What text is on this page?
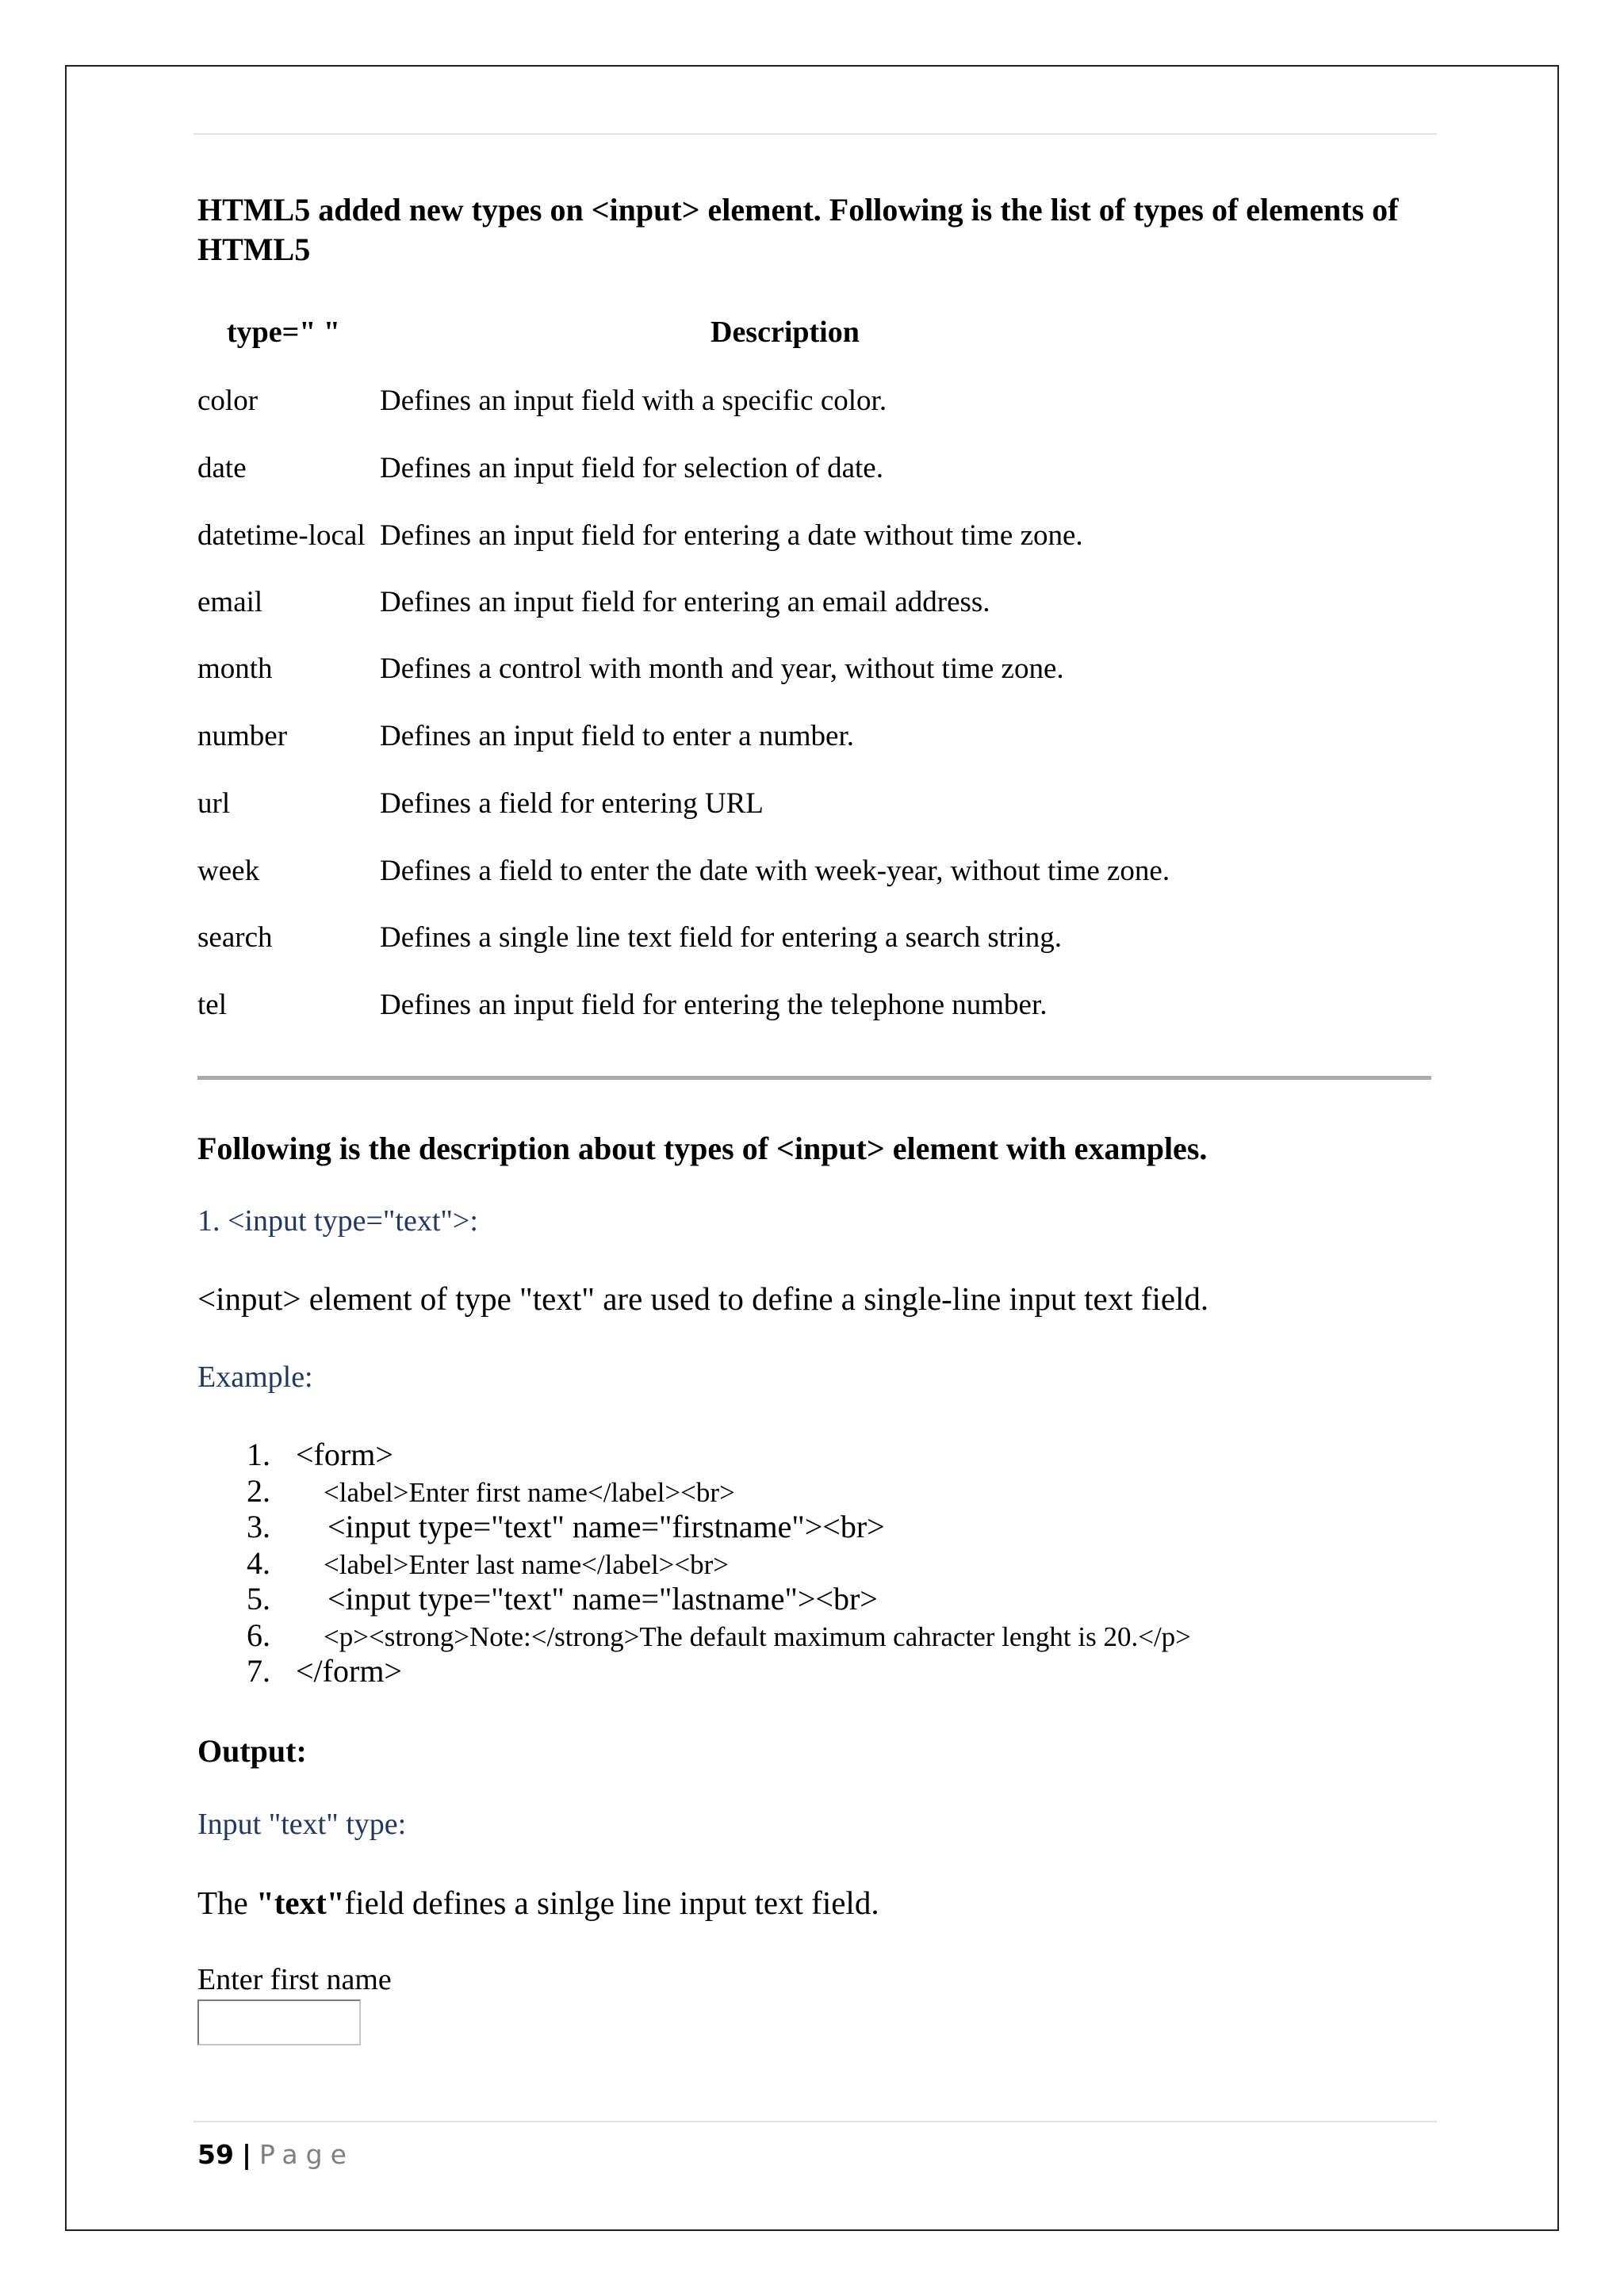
HTML5 added new types on <input> element. Following is the list of types of elements of HTML5
type=" "	Description
color	Defines an input field with a specific color.
date	Defines an input field for selection of date.
datetime-local Defines an input field for entering a date without time zone.
email	Defines an input field for entering an email address.
month	Defines a control with month and year, without time zone.
number	Defines an input field to enter a number.
url	Defines a field for entering URL
week	Defines a field to enter the date with week-year, without time zone.
search	Defines a single line text field for entering a search string.
tel	Defines an input field for entering the telephone number.
Following is the description about types of <input> element with examples.
1. <input type="text">:
<input> element of type "text" are used to define a single-line input text field.
Example:
1. <form>
2.    <label>Enter first name</label><br>
3.    <input type="text" name="firstname"><br>
4.    <label>Enter last name</label><br>
5.    <input type="text" name="lastname"><br>
6.    <p><strong>Note:</strong>The default maximum cahracter lenght is 20.</p>
7. </form>
Output:
Input "text" type:
The "text"field defines a sinlge line input text field.
Enter first name
59 | Page
